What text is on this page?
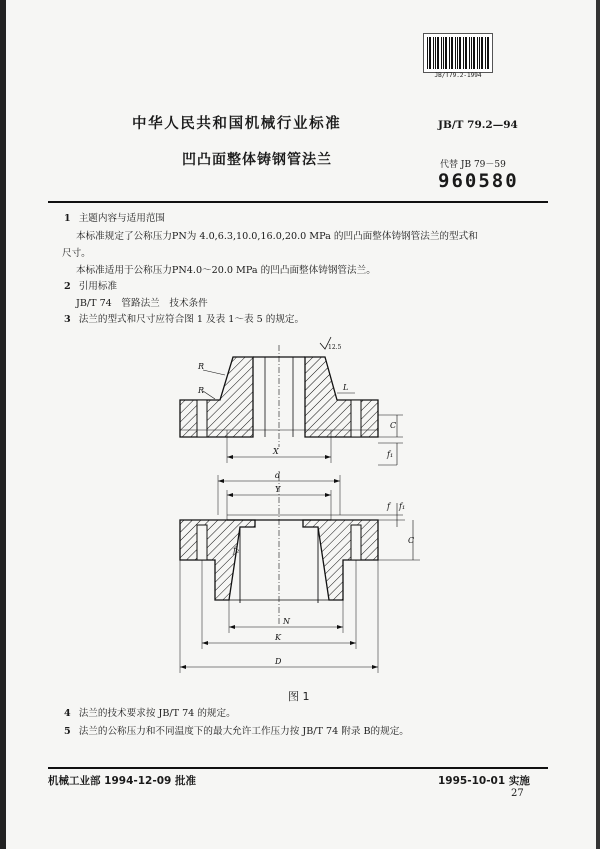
JB/T79.2-1994
中华人民共和国机械行业标准	JB/T 79.2—94
凹凸面整体铸钢管法兰	代替 JB 79－59
960580
1 主题内容与适用范围
本标准规定了公称压力PN为 4.0,6.3,10.0,16.0,20.0 MPa 的凹凸面整体铸钢管法兰的型式和
尺寸。
本标准适用于公称压力PN4.0～20.0 MPa 的凹凸面整体铸钢管法兰。
2 引用标准
JB/T 74　管路法兰　技术条件
3 法兰的型式和尺寸应符合图 1 及表 1～表 5 的规定。
R
R
X
L
C
f₁
d
Y
f f₁
C
f₂
N
K
D
12.5
图 1
4 法兰的技术要求按 JB/T 74 的规定。
5 法兰的公称压力和不同温度下的最大允许工作压力按 JB/T 74 附录 B的规定。
机械工业部 1994-12-09 批准	1995-10-01 实施
27
